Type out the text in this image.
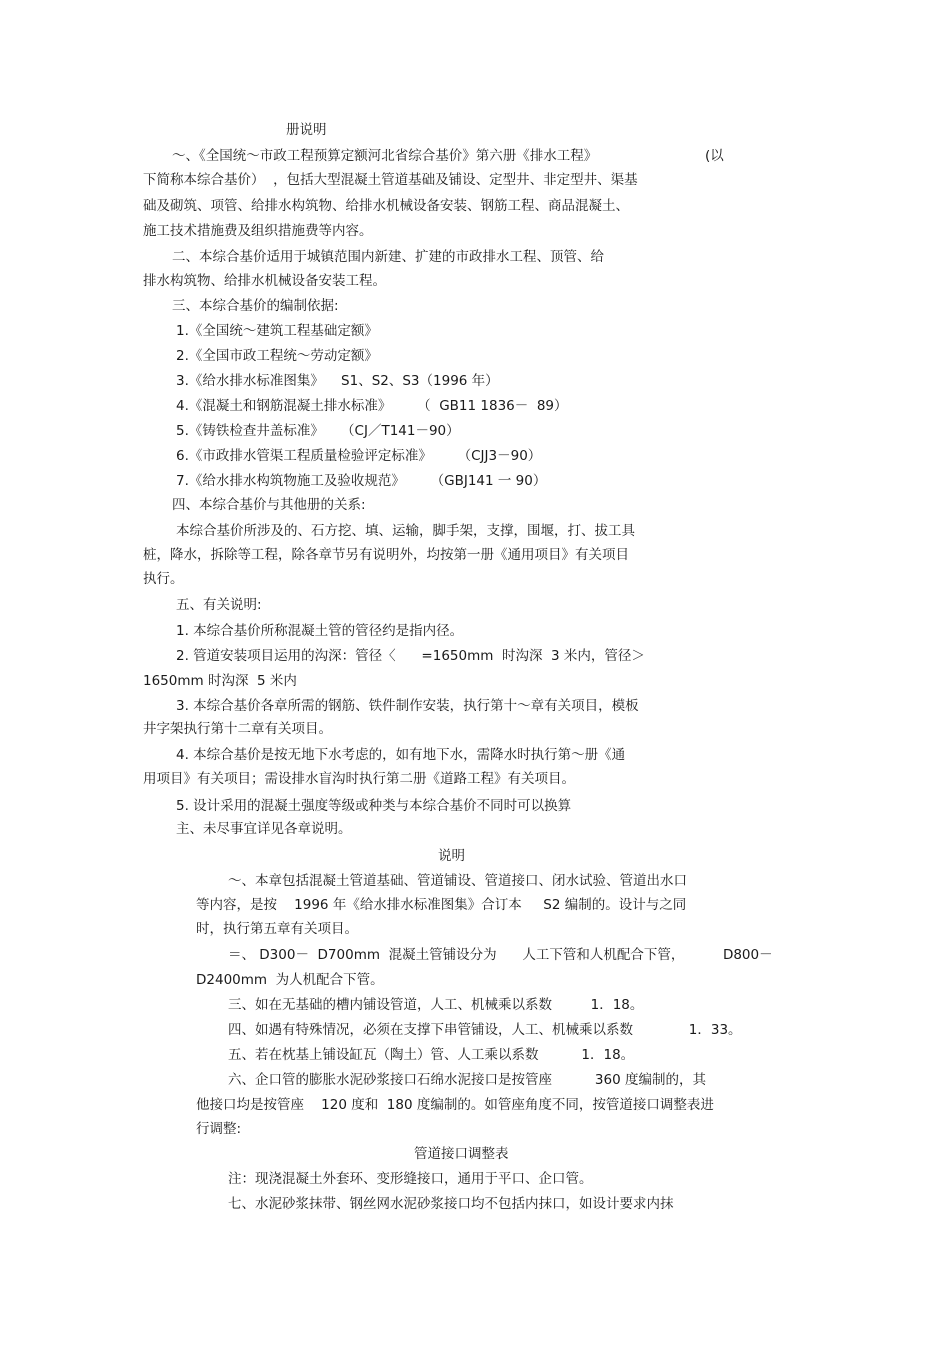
册说明
～、《全国统～市政工程预算定额河北省综合基价》第六册《排水工程》	(以
下简称本综合基价）  ，包括大型混凝土管道基础及铺设、定型井、非定型井、渠基
础及砌筑、项管、给排水构筑物、给排水机械设备安装、钢筋工程、商品混凝土、
施工技术措施费及组织措施费等内容。
二、本综合基价适用于城镇范围内新建、扩建的市政排水工程、顶管、给
排水构筑物、给排水机械设备安装工程。
三、本综合基价的编制依据:
1.《全国统～建筑工程基础定额》
2.《全国市政工程统～劳动定额》
3.《给水排水标准图集》    S1、S2、S3（1996 年）
4.《混凝土和钢筋混凝土排水标准》      （  GB11 1836－  89）
5.《铸铁检查井盖标准》    （CJ／T141－90）
6.《市政排水管渠工程质量检验评定标准》      （CJJ3－90）
7.《给水排水构筑物施工及验收规范》      （GBJ141 一 90）
四、本综合基价与其他册的关系:
本综合基价所涉及的、石方挖、填、运输，脚手架，支撑，围堰，打、拔工具
桩，降水，拆除等工程，除各章节另有说明外，均按第一册《通用项目》有关项目
执行。
五、有关说明:
1. 本综合基价所称混凝土管的管径约是指内径。
2. 管道安装项目运用的沟深：管径〈      =1650mm  时沟深  3 米内，管径＞
1650mm 时沟深  5 米内
3. 本综合基价各章所需的钢筋、铁件制作安装，执行第十～章有关项目，模板
井字架执行第十二章有关项目。
4. 本综合基价是按无地下水考虑的，如有地下水，需降水时执行第～册《通
用项目》有关项目；需设排水盲沟时执行第二册《道路工程》有关项目。
5. 设计采用的混凝土强度等级或种类与本综合基价不同时可以换算
主、未尽事宜详见各章说明。
说明
～、本章包括混凝土管道基础、管道铺设、管道接口、闭水试验、管道出水口
等内容，是按    1996 年《给水排水标准图集》合订本     S2 编制的。设计与之同
时，执行第五章有关项目。
＝、 D300－  D700mm  混凝土管铺设分为      人工下管和人机配合下管，         D800－
D2400mm  为人机配合下管。
三、如在无基础的槽内铺设管道，人工、机械乘以系数         1．18。
四、如遇有特殊情况，必须在支撑下串管铺设，人工、机械乘以系数             1．33。
五、若在枕基上铺设缸瓦（陶土）管、人工乘以系数          1．18。
六、企口管的膨胀水泥砂浆接口石绵水泥接口是按管座          360 度编制的，其
他接口均是按管座    120 度和  180 度编制的。如管座角度不同，按管道接口调整表进
行调整:
管道接口调整表
注：现浇混凝土外套环、变形缝接口，通用于平口、企口管。
七、水泥砂浆抹带、钢丝网水泥砂浆接口均不包括内抹口，如设计要求内抹
